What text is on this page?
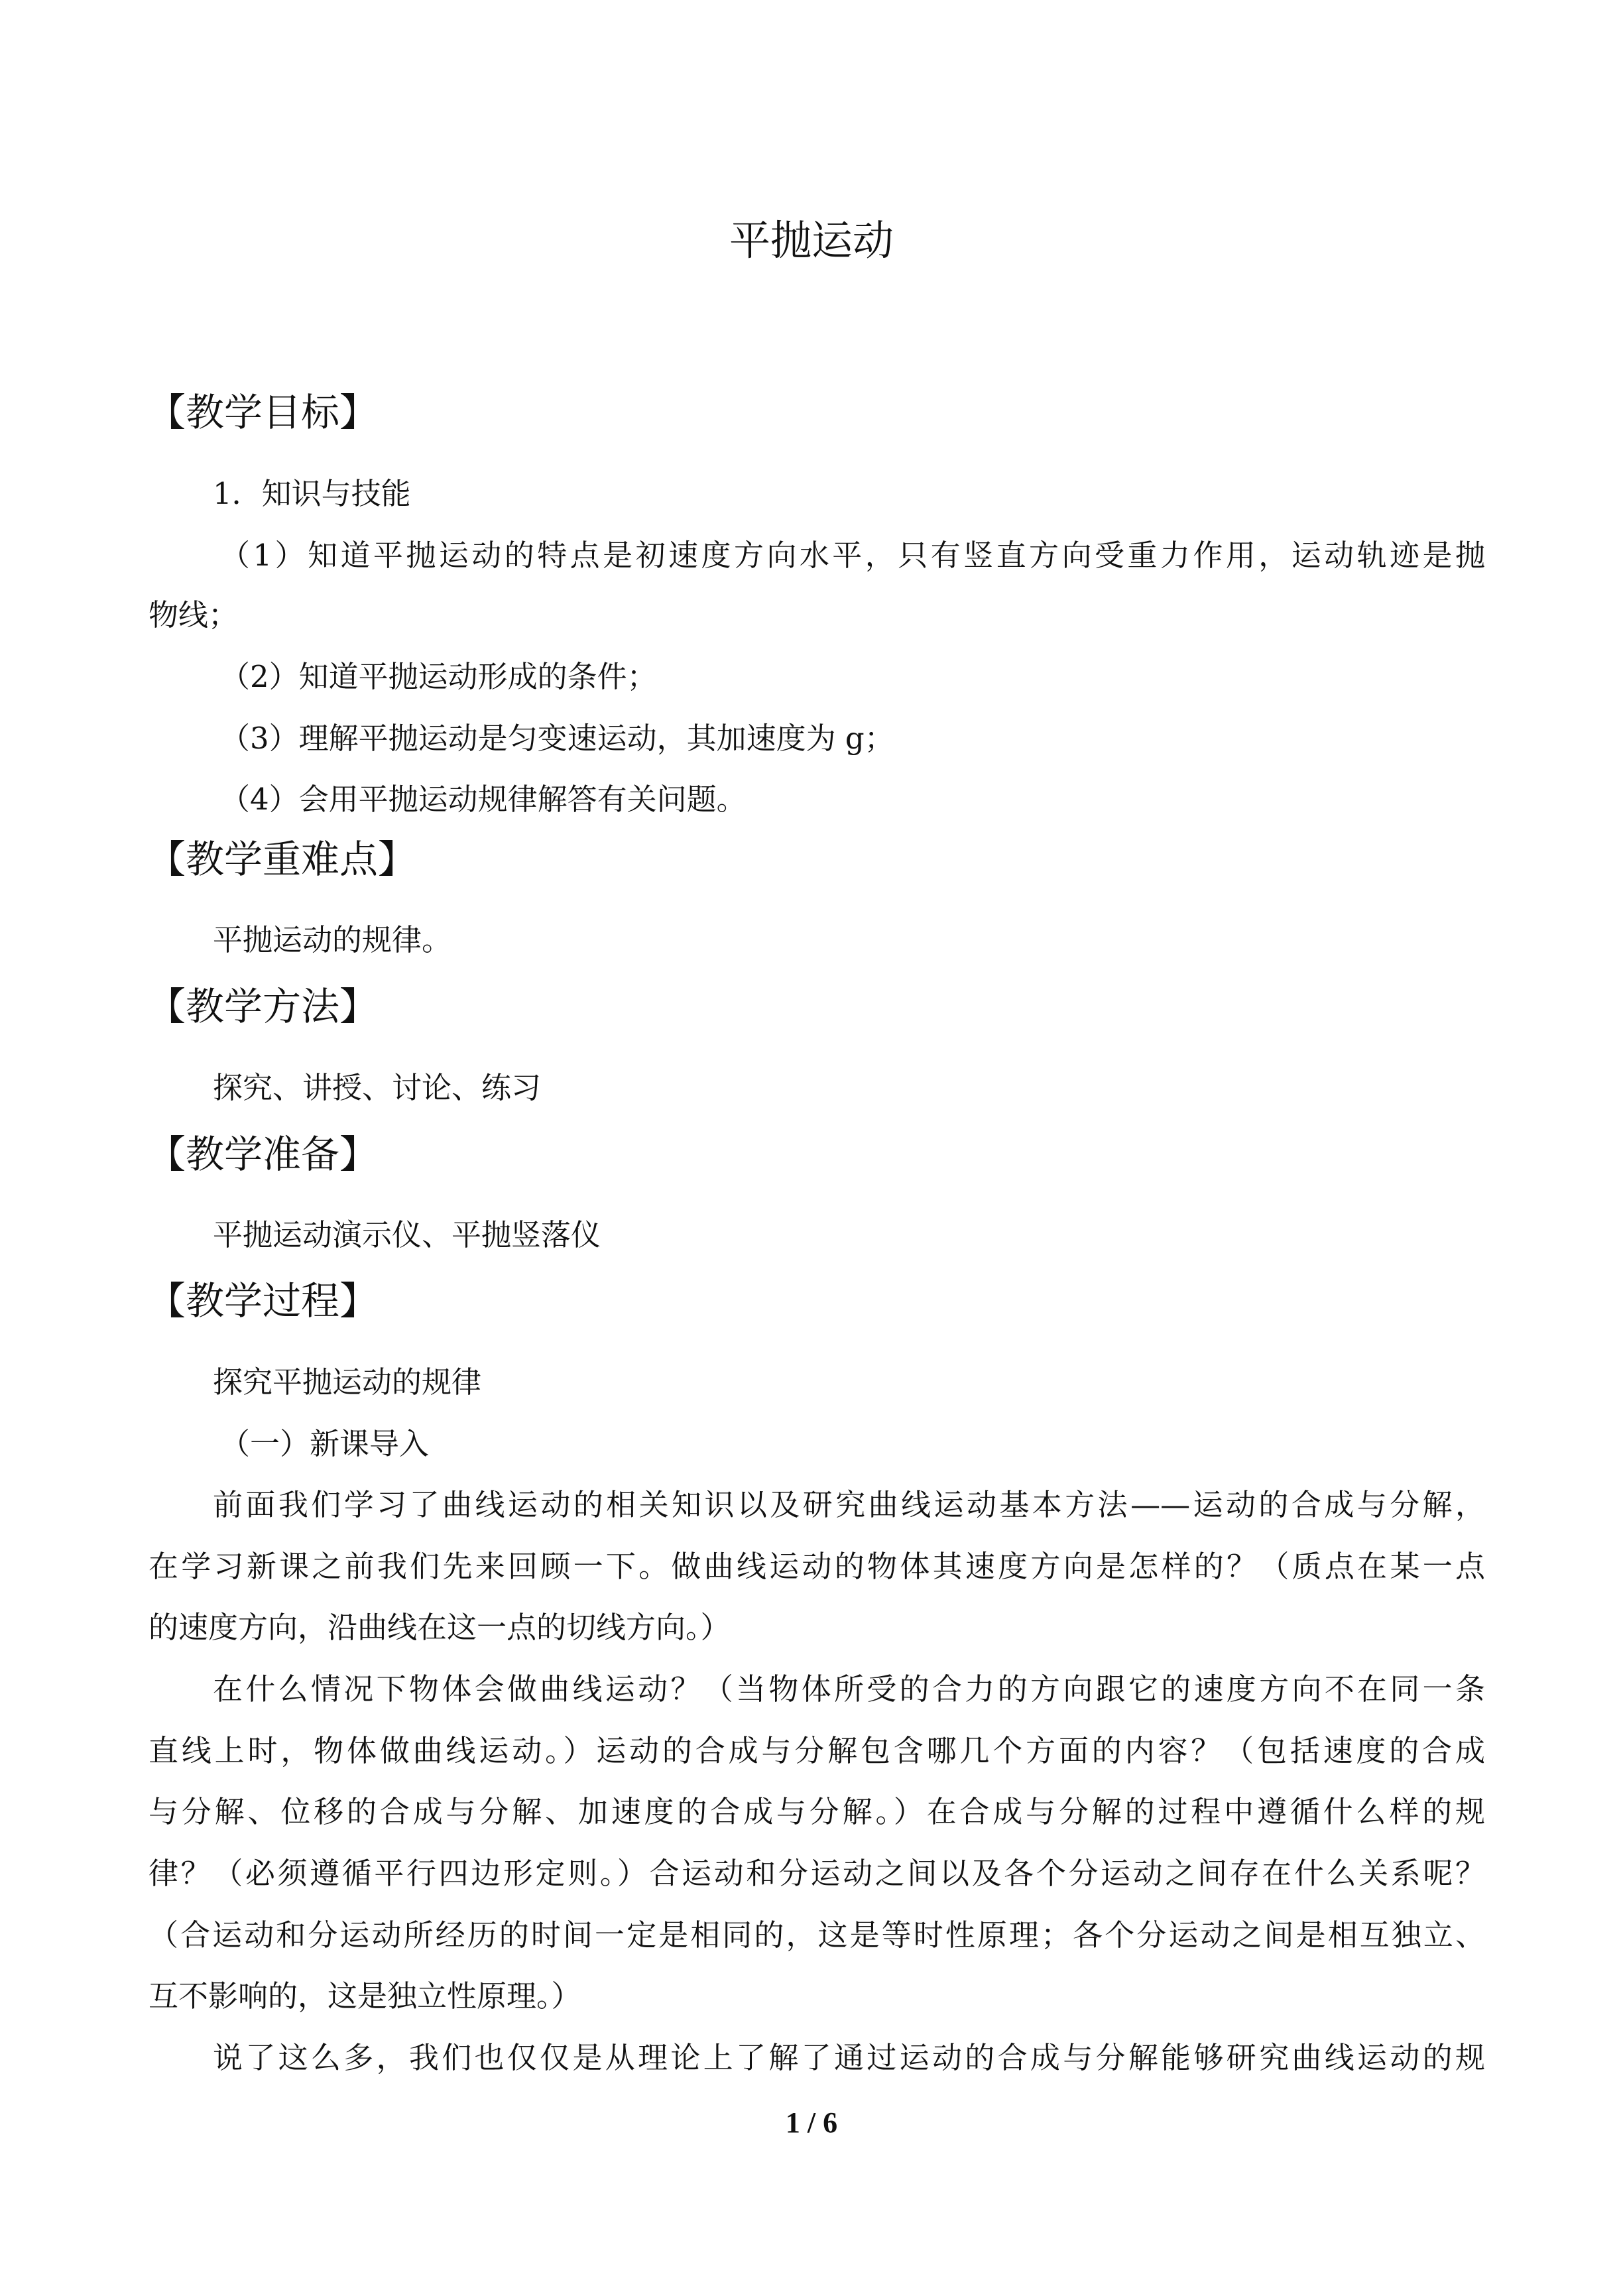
平抛运动
【教学目标】
1．知识与技能
（1）知道平抛运动的特点是初速度方向水平，只有竖直方向受重力作用，运动轨迹是抛
物线；
（2）知道平抛运动形成的条件；
（3）理解平抛运动是匀变速运动，其加速度为 g；
（4）会用平抛运动规律解答有关问题。
【教学重难点】
平抛运动的规律。
【教学方法】
探究、讲授、讨论、练习
【教学准备】
平抛运动演示仪、平抛竖落仪
【教学过程】
探究平抛运动的规律
（一）新课导入
前面我们学习了曲线运动的相关知识以及研究曲线运动基本方法——运动的合成与分解，
在学习新课之前我们先来回顾一下。做曲线运动的物体其速度方向是怎样的？（质点在某一点
的速度方向，沿曲线在这一点的切线方向。）
在什么情况下物体会做曲线运动？（当物体所受的合力的方向跟它的速度方向不在同一条
直线上时，物体做曲线运动。）运动的合成与分解包含哪几个方面的内容？（包括速度的合成
与分解、位移的合成与分解、加速度的合成与分解。）在合成与分解的过程中遵循什么样的规
律？（必须遵循平行四边形定则。）合运动和分运动之间以及各个分运动之间存在什么关系呢？
（合运动和分运动所经历的时间一定是相同的，这是等时性原理；各个分运动之间是相互独立、
互不影响的，这是独立性原理。）
说了这么多，我们也仅仅是从理论上了解了通过运动的合成与分解能够研究曲线运动的规
1 / 6
